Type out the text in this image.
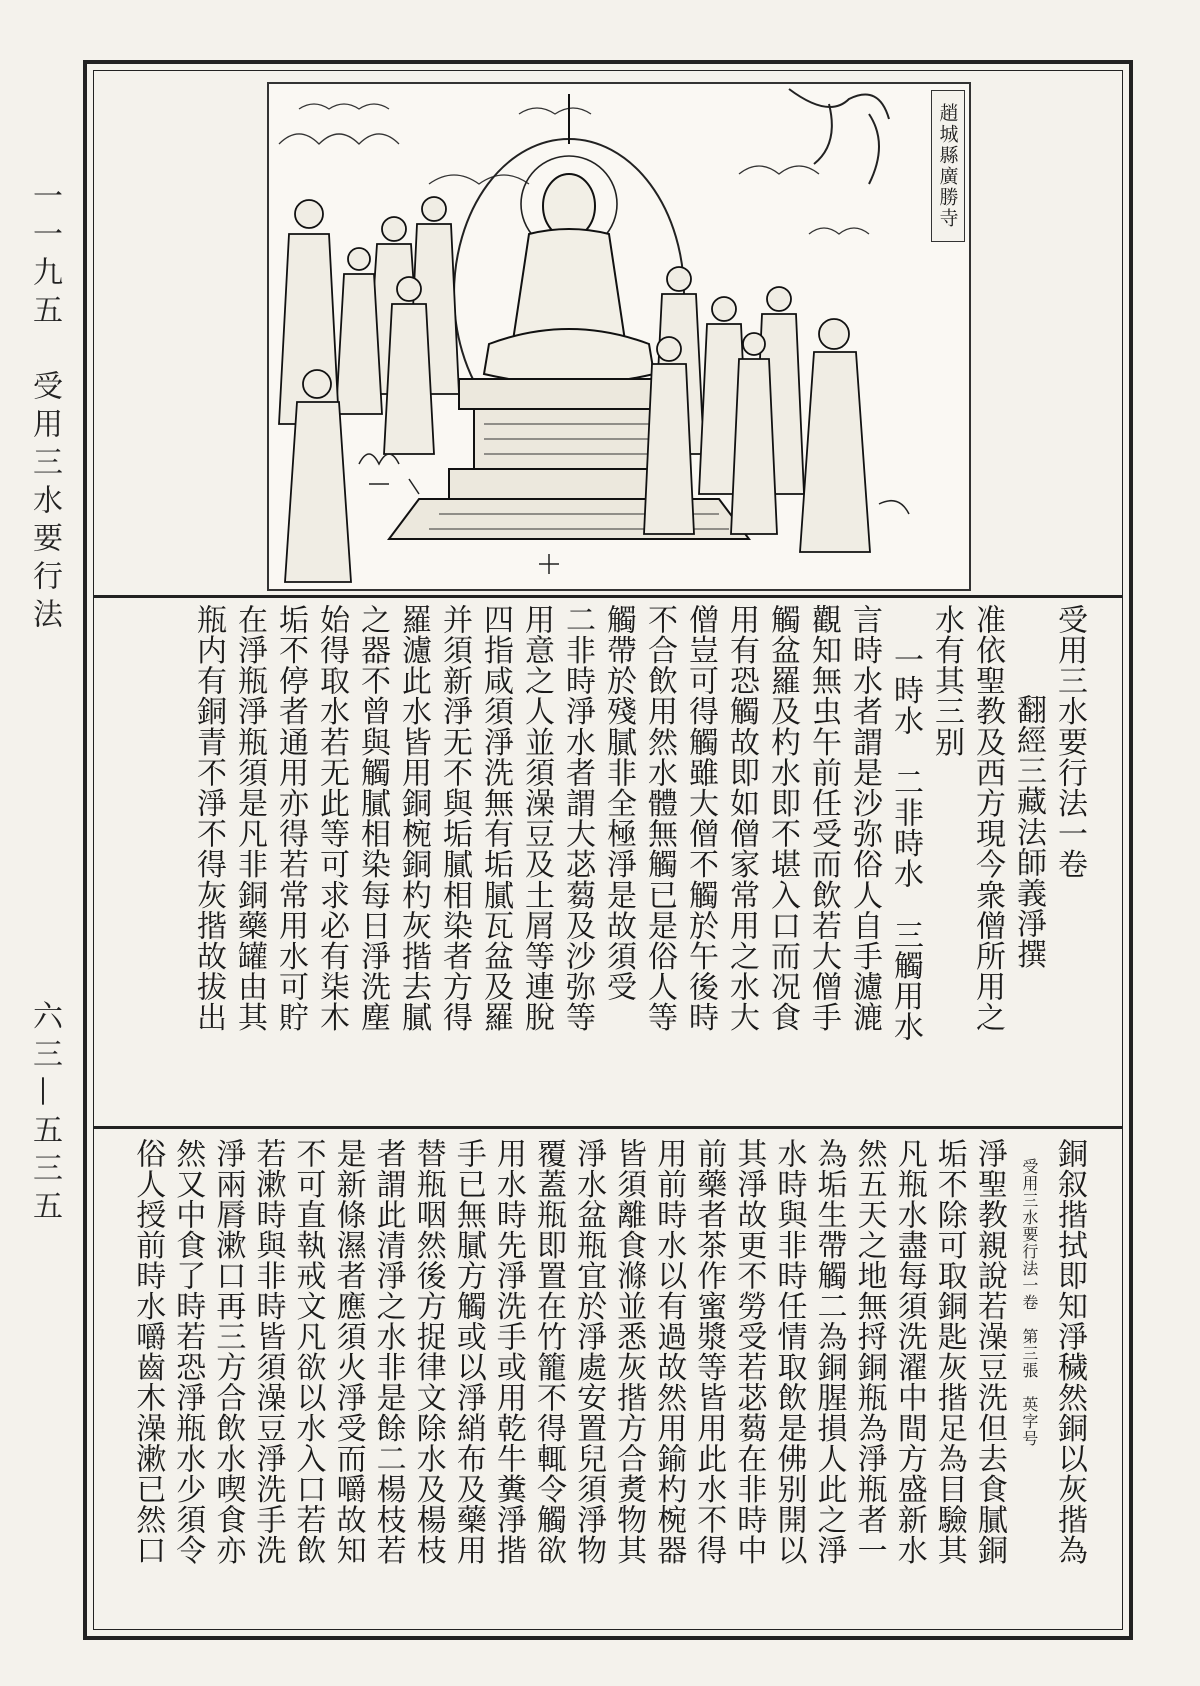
一一九五　受用三水要行法
六三—五三五
趙城縣廣勝寺
受用三水要行法一卷
翻經三藏法師義淨撰
准依聖教及西方現今衆僧所用之
水有其三别
一時水　二非時水　三觸用水
言時水者謂是沙弥俗人自手濾漉
觀知無虫午前任受而飲若大僧手
觸盆羅及杓水即不堪入口而况食
用有恐觸故即如僧家常用之水大
僧豈可得觸雖大僧不觸於午後時
不合飲用然水體無觸已是俗人等
觸帶於殘膩非全極淨是故須受
二非時淨水者謂大苾蒭及沙弥等
用意之人並須澡豆及土屑等連脫
四指咸須淨洗無有垢膩瓦盆及羅
并須新淨无不與垢膩相染者方得
羅濾此水皆用銅椀銅杓灰揩去膩
之器不曾與觸膩相染每日淨洗塵
始得取水若无此等可求必有柒木
垢不停者通用亦得若常用水可貯
在淨瓶淨瓶須是凡非銅藥罐由其
瓶内有銅青不淨不得灰揩故拔出
銅叙揩拭即知淨穢然銅以灰揩為
受用三水要行法一卷　第三張　英字号
淨聖教親說若澡豆洗但去食膩銅
垢不除可取銅匙灰揩足為目驗其
凡瓶水盡每須洗濯中間方盛新水
然五天之地無捋銅瓶為淨瓶者一
為垢生帶觸二為銅腥損人此之淨
水時與非時任情取飲是佛别開以
其淨故更不勞受若苾蒭在非時中
前藥者茶作蜜漿等皆用此水不得
用前時水以有過故然用鍮杓椀器
皆須離食滌並悉灰揩方合煑物其
淨水盆瓶宜於淨處安置兒須淨物
覆蓋瓶即置在竹籠不得輒令觸欲
用水時先淨洗手或用乾牛糞淨揩
手已無膩方觸或以淨綃布及藥用
替瓶咽然後方捉律文除水及楊枝
者謂此清淨之水非是餘二楊枝若
是新條濕者應須火淨受而嚼故知
不可直執戒文凡欲以水入口若飲
若漱時與非時皆須澡豆淨洗手洗
淨兩脣漱口再三方合飲水喫食亦
然又中食了時若恐淨瓶水少須令
俗人授前時水嚼齒木澡漱已然口
